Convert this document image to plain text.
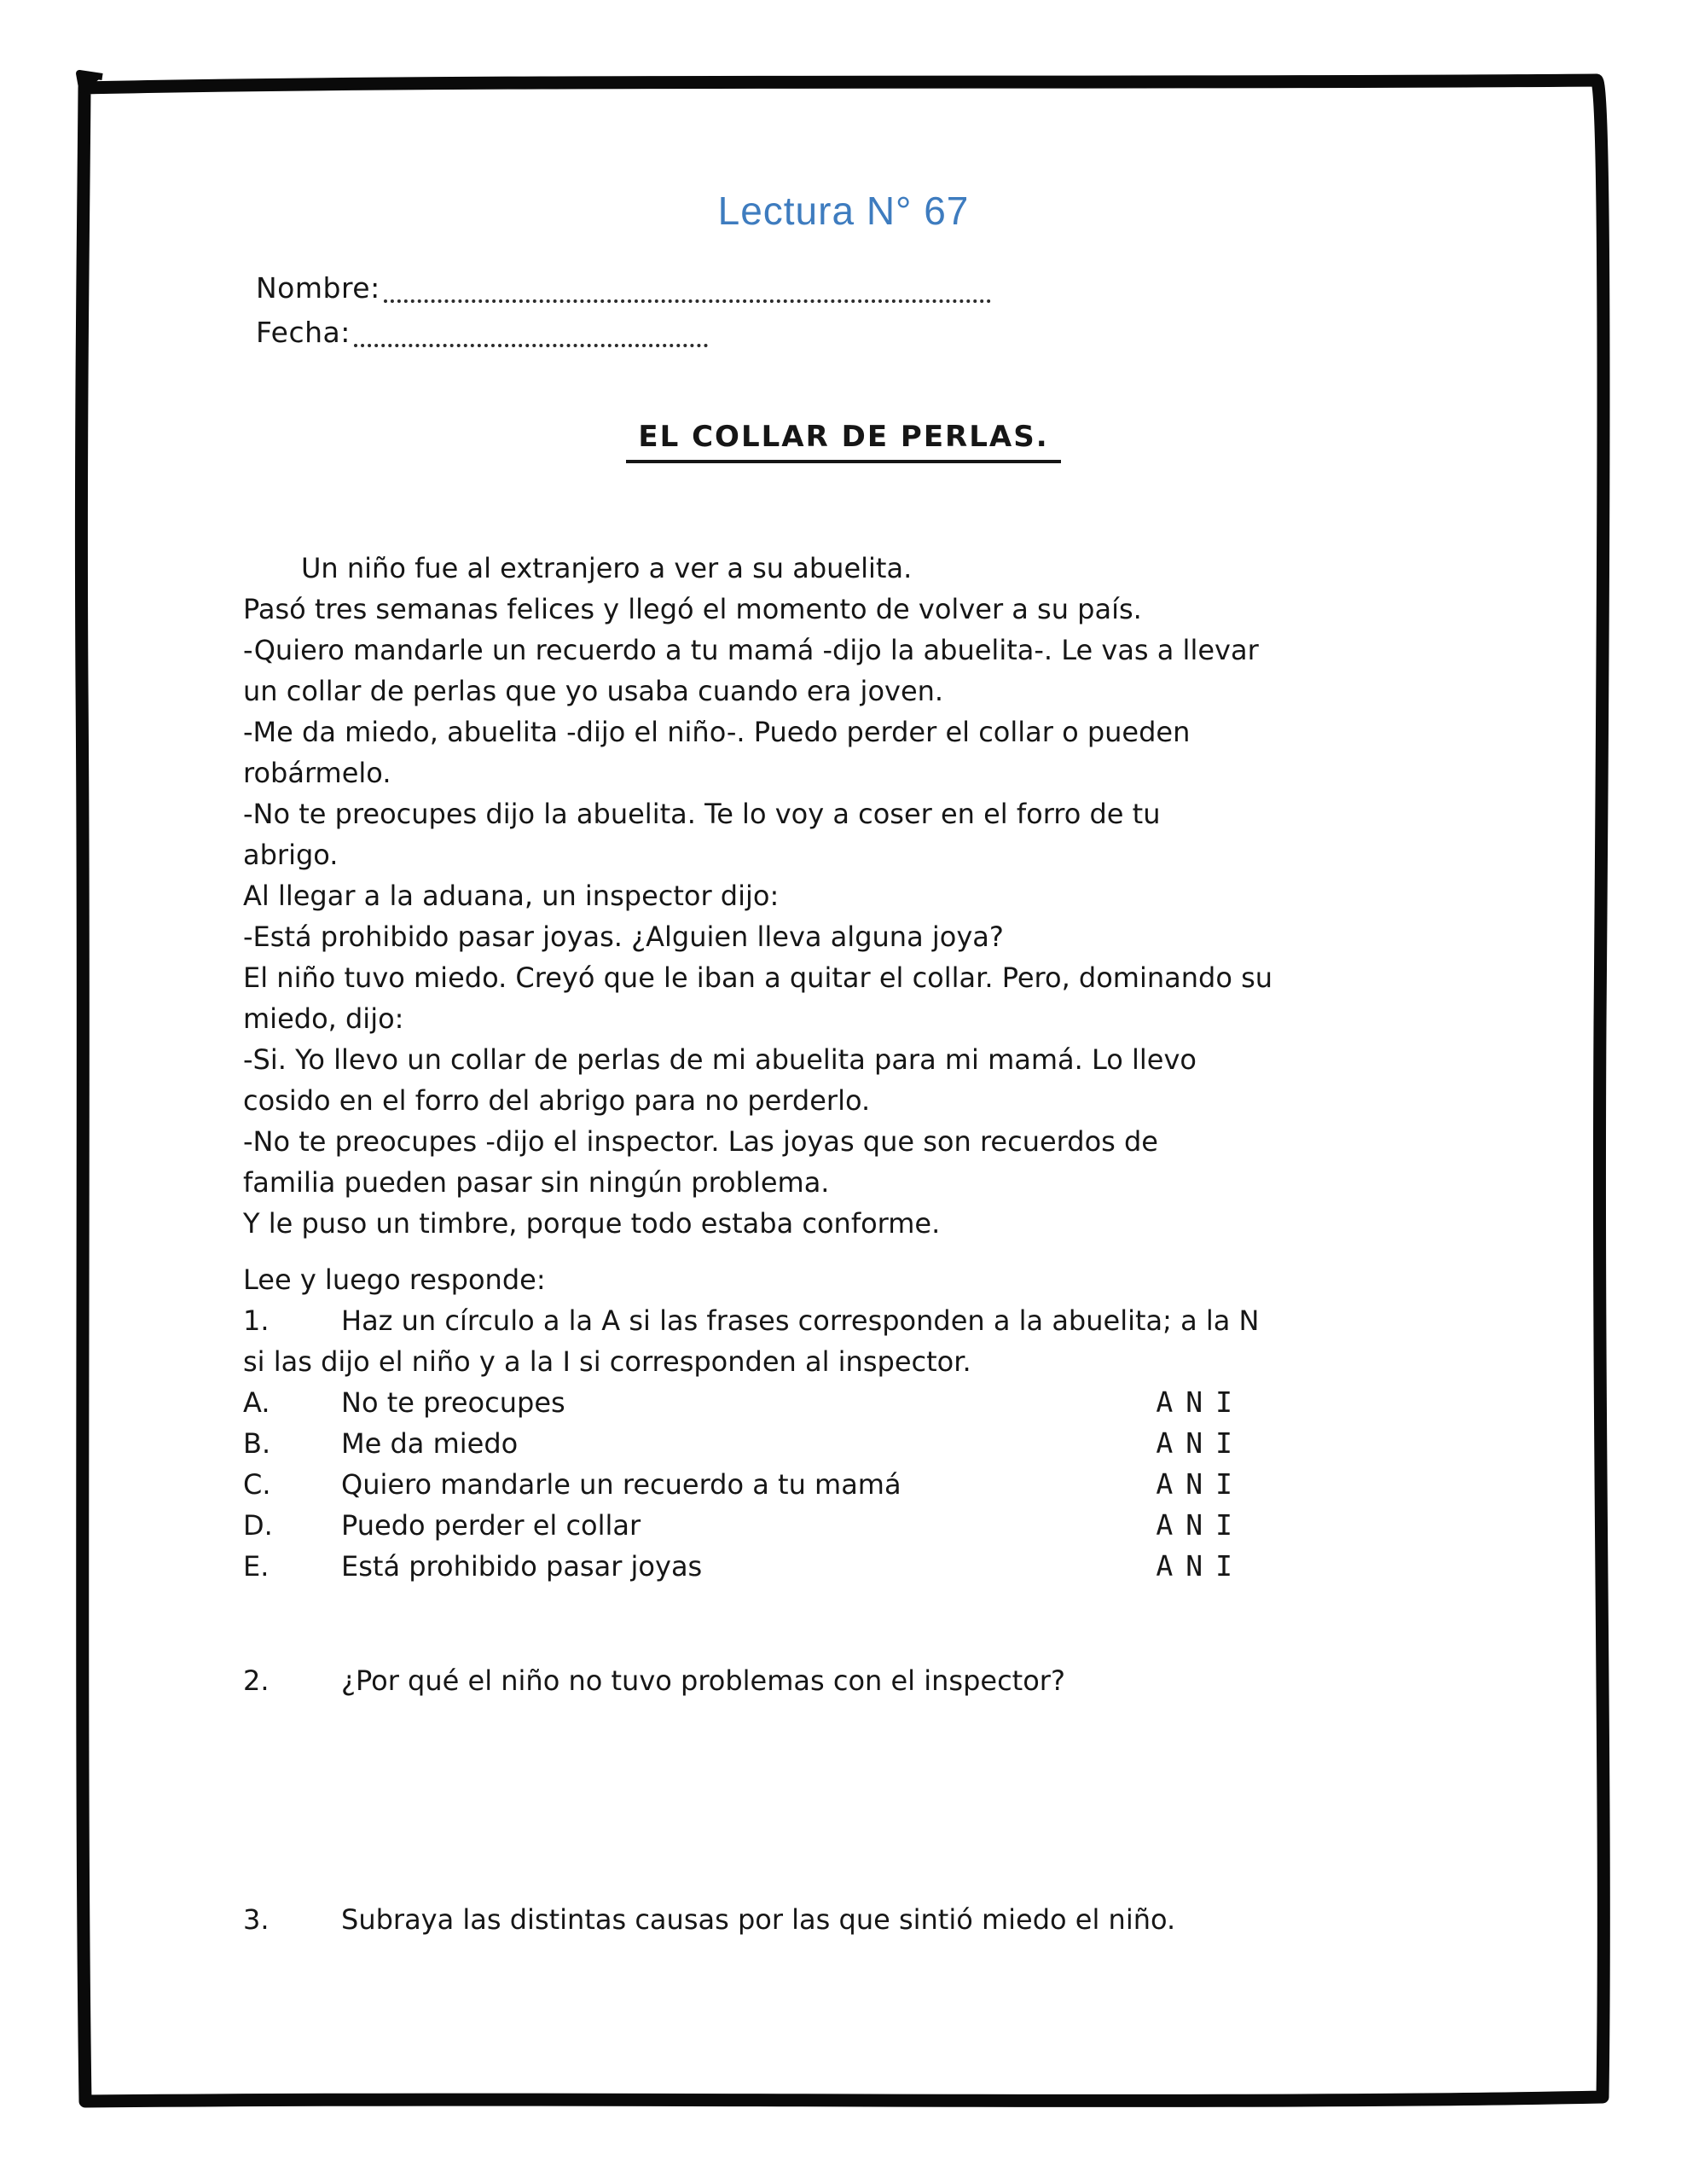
Lectura N° 67
Nombre:
Fecha:
EL COLLAR DE PERLAS.
Un niño fue al extranjero a ver a su abuelita.
Pasó tres semanas felices y llegó el momento de volver a su país.
-Quiero mandarle un recuerdo a tu mamá -dijo la abuelita-. Le vas a llevar
un collar de perlas que yo usaba cuando era joven.
-Me da miedo, abuelita -dijo el niño-. Puedo perder el collar o pueden
robármelo.
-No te preocupes dijo la abuelita. Te lo voy a coser en el forro de tu
abrigo.
Al llegar a la aduana, un inspector dijo:
-Está prohibido pasar joyas. ¿Alguien lleva alguna joya?
El niño tuvo miedo. Creyó que le iban a quitar el collar. Pero, dominando su
miedo, dijo:
-Si. Yo llevo un collar de perlas de mi abuelita para mi mamá. Lo llevo
cosido en el forro del abrigo para no perderlo.
-No te preocupes -dijo el inspector. Las joyas que son recuerdos de
familia pueden pasar sin ningún problema.
Y le puso un timbre, porque todo estaba conforme.
Lee y luego responde:
1.	Haz un círculo a la A si las frases corresponden a la abuelita; a la N
si las dijo el niño y a la I si corresponden al inspector.
A.	No te preocupes	A N I
B.	Me da miedo	A N I
C.	Quiero mandarle un recuerdo a tu mamá	A N I
D.	Puedo perder el collar	A N I
E.	Está prohibido pasar joyas	A N I
2.	¿Por qué el niño no tuvo problemas con el inspector?
3.	Subraya las distintas causas por las que sintió miedo el niño.
